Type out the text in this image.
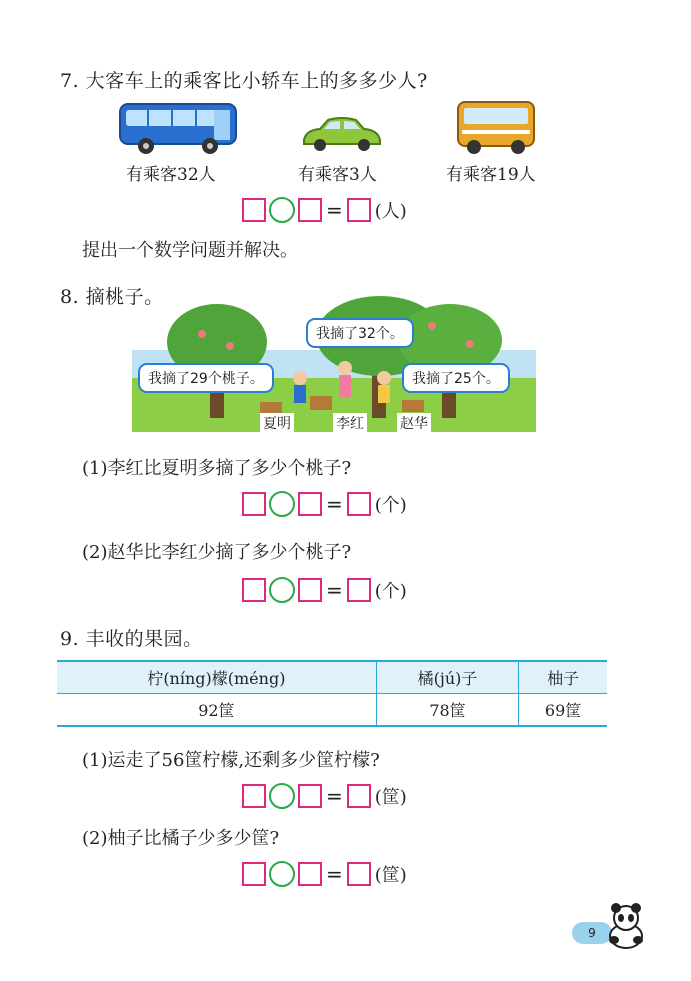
7. 大客车上的乘客比小轿车上的多多少人?
有乘客32人	有乘客3人	有乘客19人
= (人)
提出一个数学问题并解决。
8. 摘桃子。
我摘了32个。
我摘了29个桃子。	我摘了25个。
夏明	李红	赵华
(1)李红比夏明多摘了多少个桃子?
= (个)
(2)赵华比李红少摘了多少个桃子?
= (个)
9. 丰收的果园。
柠(níng)檬(méng)	橘(jú)子	柚子
92筐	78筐	69筐
(1)运走了56筐柠檬,还剩多少筐柠檬?
= (筐)
(2)柚子比橘子少多少筐?
= (筐)
9
